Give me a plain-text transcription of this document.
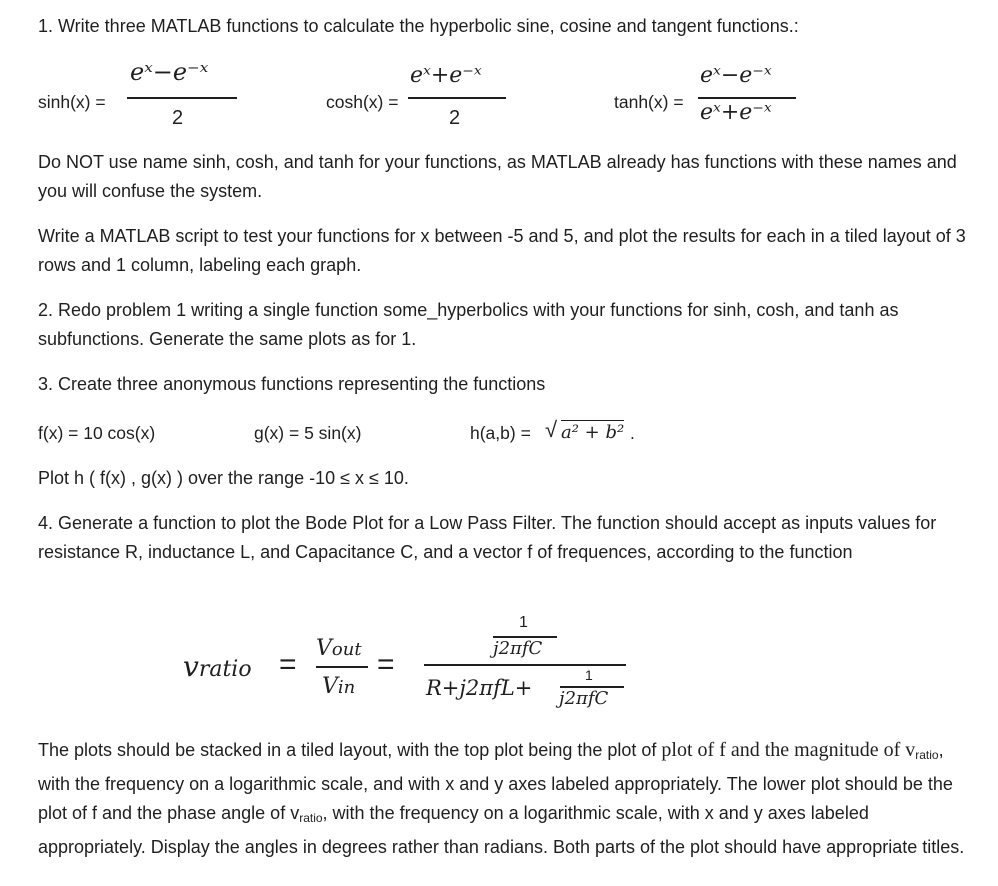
1. Write three MATLAB functions to calculate the hyperbolic sine, cosine and tangent functions.:

sinh(x) =
eˣ−e⁻ˣ
2
cosh(x) =
eˣ+e⁻ˣ
2
tanh(x) =
eˣ−e⁻ˣ
eˣ+e⁻ˣ

Do NOT use name sinh, cosh, and tanh for your functions, as MATLAB already has functions with these names and you will confuse the system.

Write a MATLAB script to test your functions for x between -5 and 5, and plot the results for each in a tiled layout of 3 rows and 1 column, labeling each graph.

2. Redo problem 1 writing a single function some_hyperbolics with your functions for sinh, cosh, and tanh as subfunctions. Generate the same plots as for 1.

3. Create three anonymous functions representing the functions

f(x) = 10 cos(x)	g(x) = 5 sin(x)	h(a,b) = √ a² + b² .

Plot h ( f(x) , g(x) ) over the range -10 ≤ x ≤ 10.

4. Generate a function to plot the Bode Plot for a Low Pass Filter. The function should accept as inputs values for resistance R, inductance L, and Capacitance C, and a vector f of frequences, according to the function

vratio = Vout
Vin
=
1
j2πfC
R+j2πfL+
1
j2πfC

The plots should be stacked in a tiled layout, with the top plot being the plot of plot of f and the magnitude of $v_{ratio}$, with the frequency on a logarithmic scale, and with x and y axes labeled appropriately. The lower plot should be the plot of f and the phase angle of $v_{ratio}$, with the frequency on a logarithmic scale, with x and y axes labeled appropriately. Display the angles in degrees rather than radians. Both parts of the plot should have appropriate titles.
